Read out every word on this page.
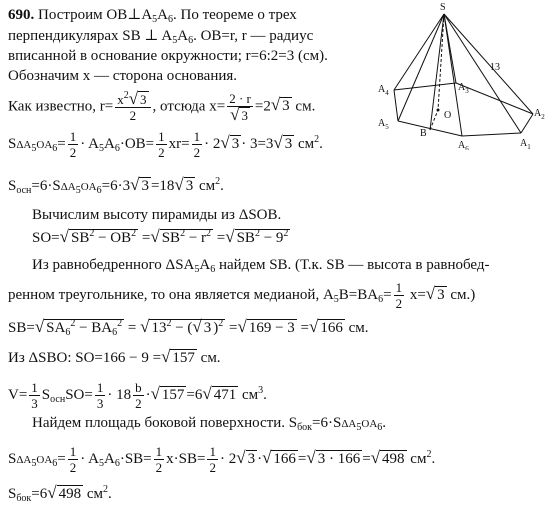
690. Построим $OB\perp A_5A_6$. По теореме о трех
перпендикулярах SB ⊥ $A_5A_6$. OB=r, r — радиус
вписанной в основание окружности; r=6:2=3 (см).
Обозначим x — сторона основания.
Как известно, $r= \frac{x^2√ 3}{2}$ , отсюда $x= \frac{2 \cdot r}{√ 3} =2√$ 3 см.
$S\Delta A_5OA_6= \frac{1}{2} \cdot A_5A_6\cdot OB= \frac{1}{2} xr= \frac{1}{2} \cdot 2√$ 3 · 3=3√ 3 $см^2$.
$S_{осн}=6\cdot S\Delta A_5OA_6=6\cdot 3√$ 3 =18√ 3 $см^2$.
Вычислим высоту пирамиды из ΔSOB.
SO=√ $SB^2 - OB^2$ =√ $SB^2 - r^2$ =√ $SB^2 - 9^2$
Из равнобедренного $\Delta SA_5A_6$ найдем SB. (Т.к. SB — высота в равнобед-
ренном треугольнике, то она является медианой, $A_5B=BA_6= \frac{1}{2} x=√$ 3 см.)
SB=√ $SA_6^2 - BA_6^2$ = √ $13^2$ − (√ 3 )$^2$ =√ 169 − 3 =√ 166 см.
Из ΔSBO: SO=166 − 9 =√ 157 см.
$V= \frac{1}{3} S_{осн}SO= \frac{1}{3} \cdot 18 \frac{b}{2}$ ·√ 157 =6√ 471 $см^3$.
Найдем площадь боковой поверхности. $S_{бок}=6\cdot S\Delta A_5OA_6$.
$S\Delta A_5OA_6= \frac{1}{2} \cdot A_5A_6\cdot SB= \frac{1}{2} x\cdot SB= \frac{1}{2} \cdot 2√$ 3 ·√ 166 =√ 3 · 166 =√ 498 $см^2$.
$S_{бок}=6√$ 498 $см^2$.
S
$A_4$	$A_3$
$A_5$
$A_6$	$A_1$
$A_2$
B
O
13
